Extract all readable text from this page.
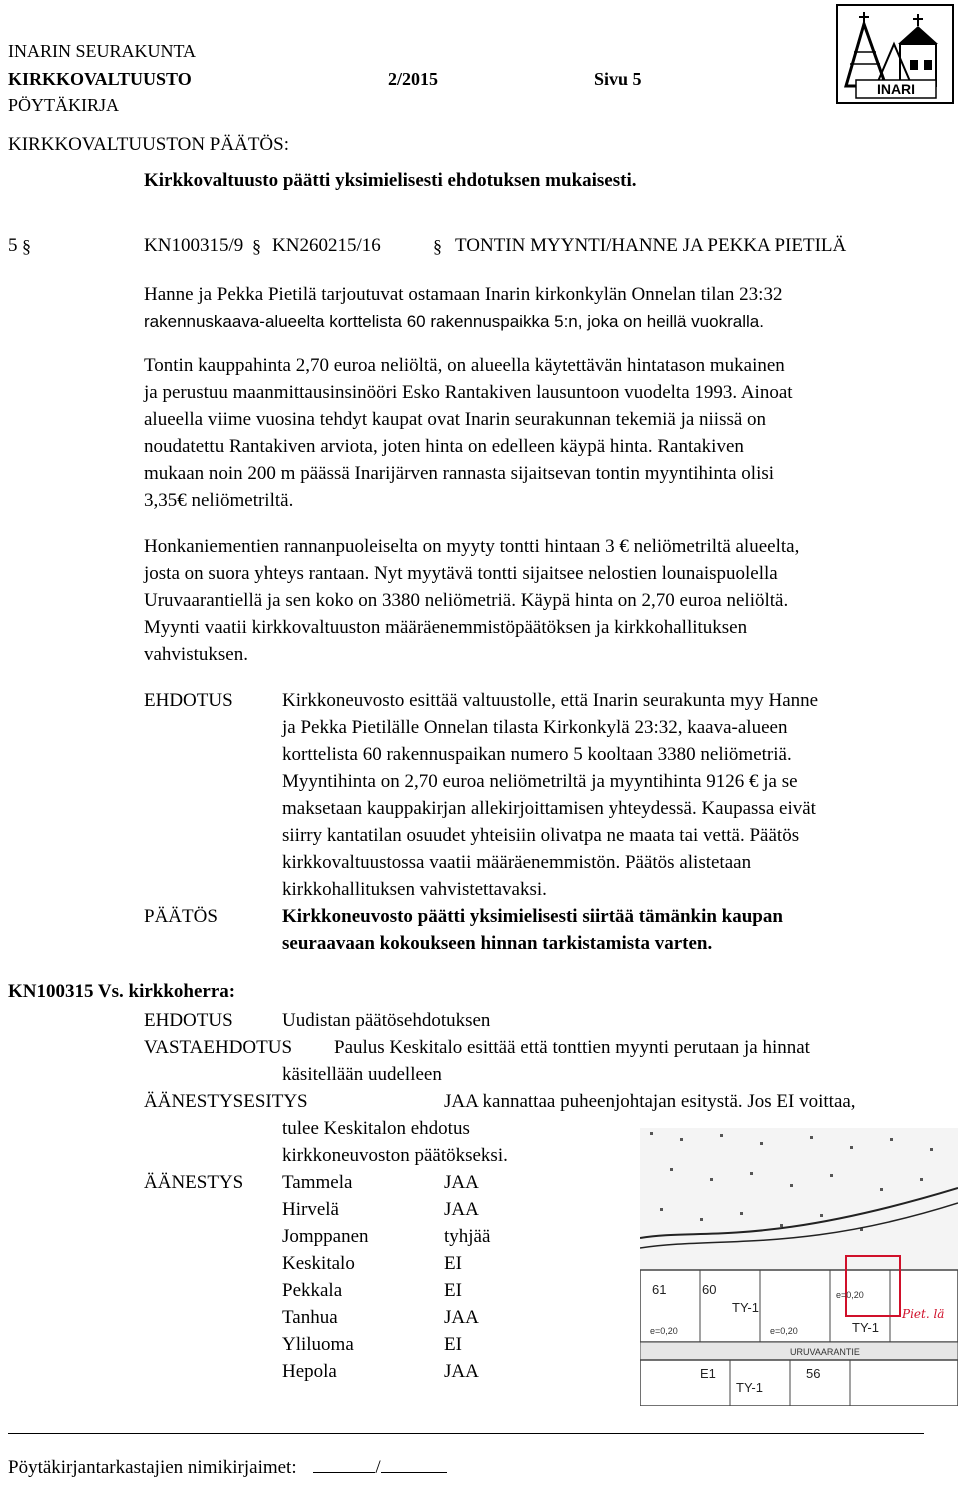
INARIN SEURAKUNTA
KIRKKOVALTUUSTO	2/2015	Sivu 5
PÖYTÄKIRJA
INARI
KIRKKOVALTUUSTON PÄÄTÖS:
Kirkkovaltuusto päätti yksimielisesti ehdotuksen mukaisesti.
5 §	KN100315/9 § KN260215/16	§ TONTIN MYYNTI/HANNE JA PEKKA PIETILÄ
Hanne ja Pekka Pietilä tarjoutuvat ostamaan Inarin kirkonkylän Onnelan tilan 23:32
rakennuskaava-alueelta korttelista 60 rakennuspaikka 5:n, joka on heillä vuokralla.
Tontin kauppahinta 2,70 euroa neliöltä, on alueella käytettävän hintatason mukainen
ja perustuu maanmittausinsinööri Esko Rantakiven lausuntoon vuodelta 1993. Ainoat
alueella viime vuosina tehdyt kaupat ovat Inarin seurakunnan tekemiä ja niissä on
noudatettu Rantakiven arviota, joten hinta on edelleen käypä hinta. Rantakiven
mukaan noin 200 m päässä Inarijärven rannasta sijaitsevan tontin myyntihinta olisi
3,35€ neliömetriltä.
Honkaniementien rannanpuoleiselta on myyty tontti hintaan 3 € neliömetriltä alueelta,
josta on suora yhteys rantaan. Nyt myytävä tontti sijaitsee nelostien lounaispuolella
Uruvaarantiellä ja sen koko on 3380 neliömetriä. Käypä hinta on 2,70 euroa neliöltä.
Myynti vaatii kirkkovaltuuston määräenemmistöpäätöksen ja kirkkohallituksen
vahvistuksen.
EHDOTUS	Kirkkoneuvosto esittää valtuustolle, että Inarin seurakunta myy Hanne
ja Pekka Pietilälle Onnelan tilasta Kirkonkylä 23:32, kaava-alueen
korttelista 60 rakennuspaikan numero 5 kooltaan 3380 neliömetriä.
Myyntihinta on 2,70 euroa neliömetriltä ja myyntihinta 9126 € ja se
maksetaan kauppakirjan allekirjoittamisen yhteydessä. Kaupassa eivät
siirry kantatilan osuudet yhteisiin olivatpa ne maata tai vettä. Päätös
kirkkovaltuustossa vaatii määräenemmistön. Päätös alistetaan
kirkkohallituksen vahvistettavaksi.
PÄÄTÖS	Kirkkoneuvosto päätti yksimielisesti siirtää tämänkin kaupan
seuraavaan kokoukseen hinnan tarkistamista varten.
KN100315 Vs. kirkkoherra:
EHDOTUS	Uudistan päätösehdotuksen
VASTAEHDOTUS Paulus Keskitalo esittää että tonttien myynti perutaan ja hinnat
käsitellään uudelleen
ÄÄNESTYSESITYS	JAA kannattaa puheenjohtajan esitystä. Jos EI voittaa,
tulee Keskitalon ehdotus
kirkkoneuvoston päätökseksi.
ÄÄNESTYS Tammela	JAA
Hirvelä	JAA
Jomppanen	tyhjää
Keskitalo	EI
Pekkala	EI
Tanhua	JAA
Yliluoma	EI
Hepola	JAA
60
TY-1
61
TY-1
E1	56
TY-1
e=0,20	e=0,20
e=0,20
URUVAARANTIE
Piet. lä
Pöytäkirjantarkastajien nimikirjaimet:	/
